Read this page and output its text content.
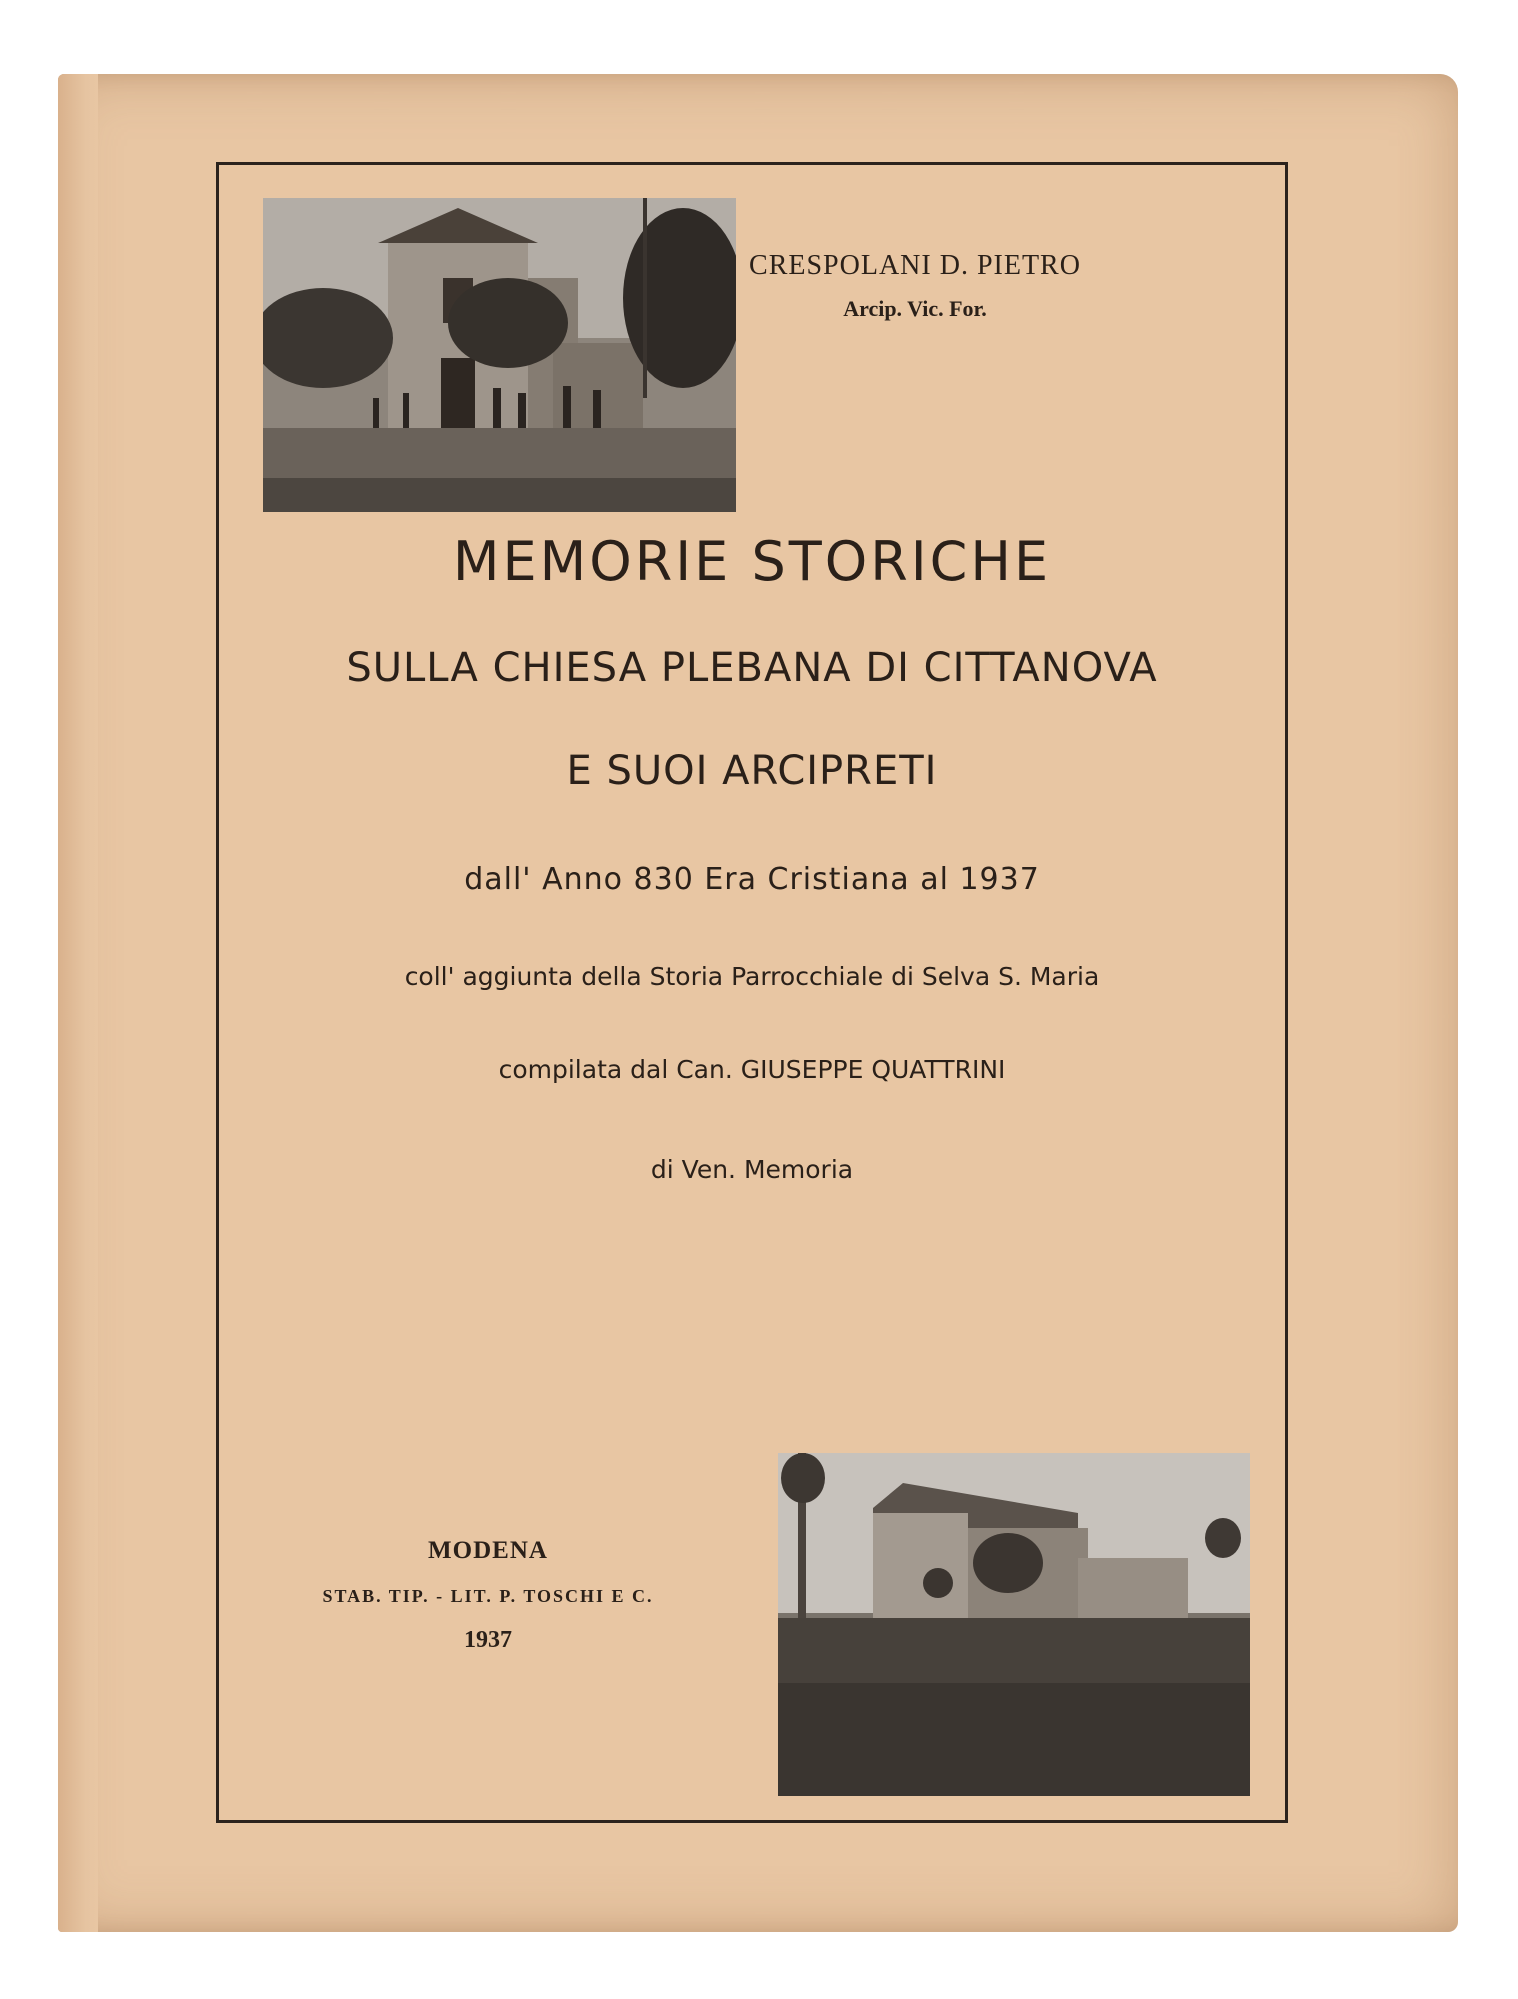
CRESPOLANI D. PIETRO
Arcip. Vic. For.
MEMORIE STORICHE
SULLA CHIESA PLEBANA DI CITTANOVA
E SUOI ARCIPRETI
dall' Anno 830 Era Cristiana al 1937
coll' aggiunta della Storia Parrocchiale di Selva S. Maria
compilata dal Can. GIUSEPPE QUATTRINI
di Ven. Memoria
MODENA
STAB. TIP. - LIT. P. TOSCHI E C.
1937
